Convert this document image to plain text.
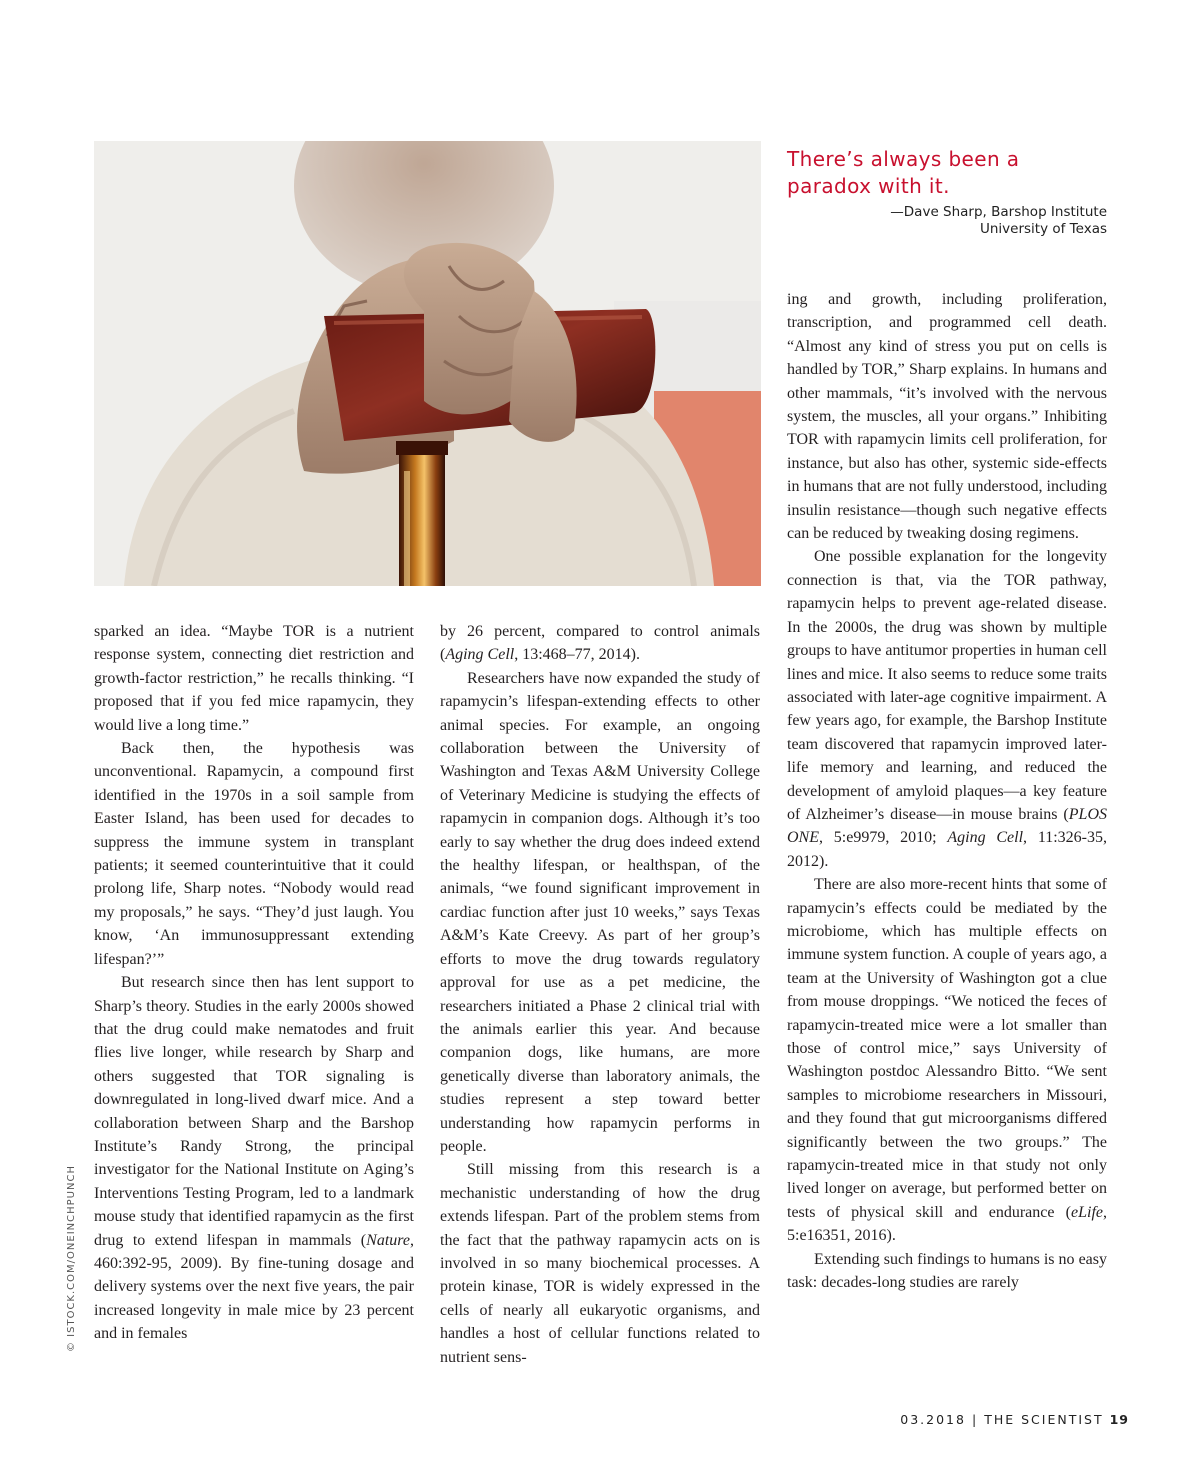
There’s always been a paradox with it.
—Dave Sharp, Barshop Institute
University of Texas

sparked an idea. “Maybe TOR is a nutrient response system, connecting diet restriction and growth-factor restriction,” he recalls thinking. “I proposed that if you fed mice rapamycin, they would live a long time.”

Back then, the hypothesis was unconventional. Rapamycin, a compound first identified in the 1970s in a soil sample from Easter Island, has been used for decades to suppress the immune system in transplant patients; it seemed counterintuitive that it could prolong life, Sharp notes. “Nobody would read my proposals,” he says. “They’d just laugh. You know, ‘An immunosuppressant extending lifespan?’”

But research since then has lent support to Sharp’s theory. Studies in the early 2000s showed that the drug could make nematodes and fruit flies live longer, while research by Sharp and others suggested that TOR signaling is downregulated in long-lived dwarf mice. And a collaboration between Sharp and the Barshop Institute’s Randy Strong, the principal investigator for the National Institute on Aging’s Interventions Testing Program, led to a landmark mouse study that identified rapamycin as the first drug to extend lifespan in mammals (Nature, 460:392-95, 2009). By fine-tuning dosage and delivery systems over the next five years, the pair increased longevity in male mice by 23 percent and in females

by 26 percent, compared to control animals (Aging Cell, 13:468–77, 2014).

Researchers have now expanded the study of rapamycin’s lifespan-extending effects to other animal species. For example, an ongoing collaboration between the University of Washington and Texas A&M University College of Veterinary Medicine is studying the effects of rapamycin in companion dogs. Although it’s too early to say whether the drug does indeed extend the healthy lifespan, or healthspan, of the animals, “we found significant improvement in cardiac function after just 10 weeks,” says Texas A&M’s Kate Creevy. As part of her group’s efforts to move the drug towards regulatory approval for use as a pet medicine, the researchers initiated a Phase 2 clinical trial with the animals earlier this year. And because companion dogs, like humans, are more genetically diverse than laboratory animals, the studies represent a step toward better understanding how rapamycin performs in people.

Still missing from this research is a mechanistic understanding of how the drug extends lifespan. Part of the problem stems from the fact that the pathway rapamycin acts on is involved in so many biochemical processes. A protein kinase, TOR is widely expressed in the cells of nearly all eukaryotic organisms, and handles a host of cellular functions related to nutrient sens-

ing and growth, including proliferation, transcription, and programmed cell death. “Almost any kind of stress you put on cells is handled by TOR,” Sharp explains. In humans and other mammals, “it’s involved with the nervous system, the muscles, all your organs.” Inhibiting TOR with rapamycin limits cell proliferation, for instance, but also has other, systemic side-effects in humans that are not fully understood, including insulin resistance—though such negative effects can be reduced by tweaking dosing regimens.

One possible explanation for the longevity connection is that, via the TOR pathway, rapamycin helps to prevent age-related disease. In the 2000s, the drug was shown by multiple groups to have antitumor properties in human cell lines and mice. It also seems to reduce some traits associated with later-age cognitive impairment. A few years ago, for example, the Barshop Institute team discovered that rapamycin improved later-life memory and learning, and reduced the development of amyloid plaques—a key feature of Alzheimer’s disease—in mouse brains (PLOS ONE, 5:e9979, 2010; Aging Cell, 11:326-35, 2012).

There are also more-recent hints that some of rapamycin’s effects could be mediated by the microbiome, which has multiple effects on immune system function. A couple of years ago, a team at the University of Washington got a clue from mouse droppings. “We noticed the feces of rapamycin-treated mice were a lot smaller than those of control mice,” says University of Washington postdoc Alessandro Bitto. “We sent samples to microbiome researchers in Missouri, and they found that gut microorganisms differed significantly between the two groups.” The rapamycin-treated mice in that study not only lived longer on average, but performed better on tests of physical skill and endurance (eLife, 5:e16351, 2016).

Extending such findings to humans is no easy task: decades-long studies are rarely

© ISTOCK.COM/ONEINCHPUNCH
03.2018 | THE SCIENTIST 19
